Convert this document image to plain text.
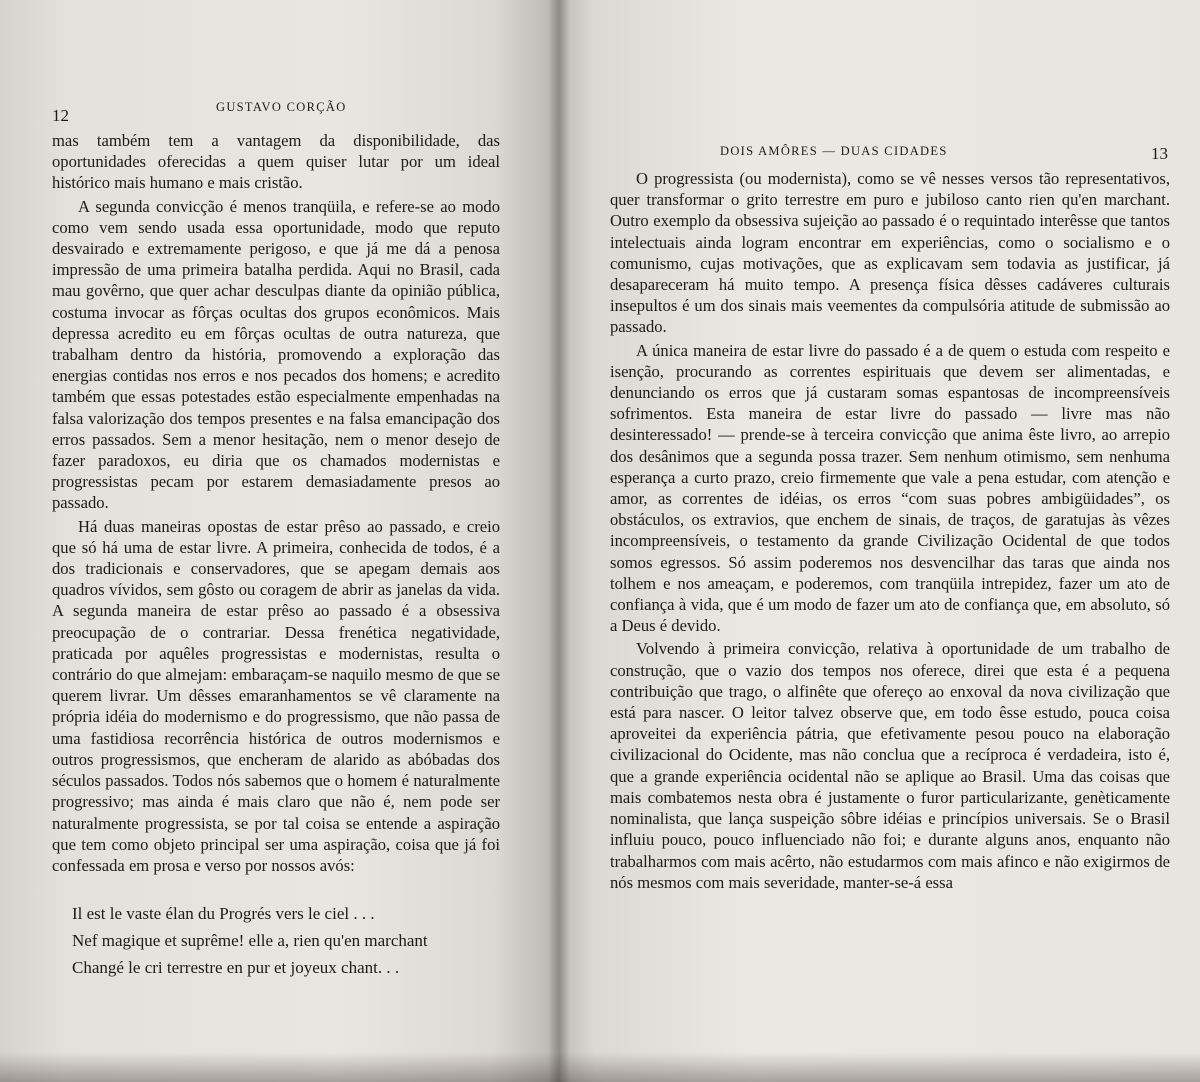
12	GUSTAVO CORÇÃO

mas também tem a vantagem da disponibilidade, das oportunidades oferecidas a quem quiser lutar por um ideal histórico mais humano e mais cristão.

A segunda convicção é menos tranqüila, e refere-se ao modo como vem sendo usada essa oportunidade, modo que reputo desvairado e extremamente perigoso, e que já me dá a penosa impressão de uma primeira batalha perdida. Aqui no Brasil, cada mau govêrno, que quer achar desculpas diante da opinião pública, costuma invocar as fôrças ocultas dos grupos econômicos. Mais depressa acredito eu em fôrças ocultas de outra natureza, que trabalham dentro da história, promovendo a exploração das energias contidas nos erros e nos pecados dos homens; e acredito também que essas potestades estão especialmente empenhadas na falsa valorização dos tempos presentes e na falsa emancipação dos erros passados. Sem a menor hesitação, nem o menor desejo de fazer paradoxos, eu diria que os chamados modernistas e progressistas pecam por estarem demasiadamente presos ao passado.

Há duas maneiras opostas de estar prêso ao passado, e creio que só há uma de estar livre. A primeira, conhecida de todos, é a dos tradicionais e conservadores, que se apegam demais aos quadros vívidos, sem gôsto ou coragem de abrir as janelas da vida. A segunda maneira de estar prêso ao passado é a obsessiva preocupação de o contrariar. Dessa frenética negatividade, praticada por aquêles progressistas e modernistas, resulta o contrário do que almejam: embaraçam-se naquilo mesmo de que se querem livrar. Um dêsses emaranhamentos se vê claramente na própria idéia do modernismo e do progressismo, que não passa de uma fastidiosa recorrência histórica de outros modernismos e outros progressismos, que encheram de alarido as abóbadas dos séculos passados. Todos nós sabemos que o homem é naturalmente progressivo; mas ainda é mais claro que não é, nem pode ser naturalmente progressista, se por tal coisa se entende a aspiração que tem como objeto principal ser uma aspiração, coisa que já foi confessada em prosa e verso por nossos avós:

Il est le vaste élan du Progrés vers le ciel . . .
Nef magique et suprême! elle a, rien qu'en marchant
Changé le cri terrestre en pur et joyeux chant. . .
DOIS AMÔRES — DUAS CIDADES	13

O progressista (ou modernista), como se vê nesses versos tão representativos, quer transformar o grito terrestre em puro e jubiloso canto rien qu'en marchant. Outro exemplo da obsessiva sujeição ao passado é o requintado interêsse que tantos intelectuais ainda logram encontrar em experiências, como o socialismo e o comunismo, cujas motivações, que as explicavam sem todavia as justificar, já desapareceram há muito tempo. A presença física dêsses cadáveres culturais insepultos é um dos sinais mais veementes da compulsória atitude de submissão ao passado.

A única maneira de estar livre do passado é a de quem o estuda com respeito e isenção, procurando as correntes espirituais que devem ser alimentadas, e denunciando os erros que já custaram somas espantosas de incompreensíveis sofrimentos. Esta maneira de estar livre do passado — livre mas não desinteressado! — prende-se à terceira convicção que anima êste livro, ao arrepio dos desânimos que a segunda possa trazer. Sem nenhum otimismo, sem nenhuma esperança a curto prazo, creio firmemente que vale a pena estudar, com atenção e amor, as correntes de idéias, os erros “com suas pobres ambigüidades”, os obstáculos, os extravios, que enchem de sinais, de traços, de garatujas às vêzes incompreensíveis, o testamento da grande Civilização Ocidental de que todos somos egressos. Só assim poderemos nos desvencilhar das taras que ainda nos tolhem e nos ameaçam, e poderemos, com tranqüila intrepidez, fazer um ato de confiança à vida, que é um modo de fazer um ato de confiança que, em absoluto, só a Deus é devido.

Volvendo à primeira convicção, relativa à oportunidade de um trabalho de construção, que o vazio dos tempos nos oferece, direi que esta é a pequena contribuição que trago, o alfinête que ofereço ao enxoval da nova civilização que está para nascer. O leitor talvez observe que, em todo êsse estudo, pouca coisa aproveitei da experiência pátria, que efetivamente pesou pouco na elaboração civilizacional do Ocidente, mas não conclua que a recíproca é verdadeira, isto é, que a grande experiência ocidental não se aplique ao Brasil. Uma das coisas que mais combatemos nesta obra é justamente o furor particularizante, genèticamente nominalista, que lança suspeição sôbre idéias e princípios universais. Se o Brasil influiu pouco, pouco influenciado não foi; e durante alguns anos, enquanto não trabalharmos com mais acêrto, não estudarmos com mais afinco e não exigirmos de nós mesmos com mais severidade, manter-se-á essa
